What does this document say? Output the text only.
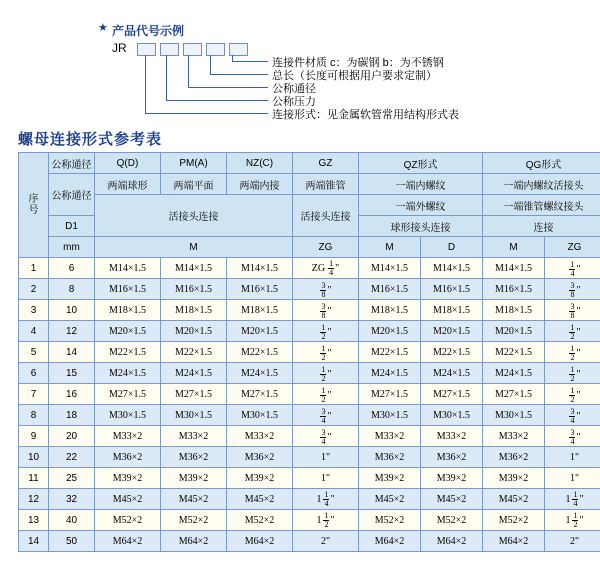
★ 产品代号示例
JR
连接件材质 c：为碳钢 b：为不锈钢
总长（长度可根据用户要求定制）
公称通径
公称压力
连接形式：见金属软管常用结构形式表
螺母连接形式参考表
序
号	公称通径	Q(D)	PM(A)	NZ(C)	GZ	QZ形式		QG形式	
	公称通径	两端球形	两端平面	两端内接	两端锥管	一端内螺纹		一端内螺纹活接头	
		活接头连接			活接头连接	一端外螺纹		一端锥管螺纹接头	
	D1					球形接头连接		连接	
	mm	M			ZG	M	D	M	ZG
1	6	M14×1.5	M14×1.5	M14×1.5	ZG $\frac{1}{4}$ "	M14×1.5	M14×1.5	M14×1.5	$\frac{1}{4}$ "

2	8	M16×1.5	M16×1.5	M16×1.5	$\frac{3}{8}$ "	M16×1.5	M16×1.5	M16×1.5	$\frac{3}{8}$ "

3	10	M18×1.5	M18×1.5	M18×1.5	$\frac{3}{8}$ "	M18×1.5	M18×1.5	M18×1.5	$\frac{3}{8}$ "

4	12	M20×1.5	M20×1.5	M20×1.5	$\frac{1}{2}$ "	M20×1.5	M20×1.5	M20×1.5	$\frac{1}{2}$ "

5	14	M22×1.5	M22×1.5	M22×1.5	$\frac{1}{2}$ "	M22×1.5	M22×1.5	M22×1.5	$\frac{1}{2}$ "

6	15	M24×1.5	M24×1.5	M24×1.5	$\frac{1}{2}$ "	M24×1.5	M24×1.5	M24×1.5	$\frac{1}{2}$ "

7	16	M27×1.5	M27×1.5	M27×1.5	$\frac{1}{2}$ "	M27×1.5	M27×1.5	M27×1.5	$\frac{1}{2}$ "

8	18	M30×1.5	M30×1.5	M30×1.5	$\frac{3}{4}$ "	M30×1.5	M30×1.5	M30×1.5	$\frac{3}{4}$ "

9	20	M33×2	M33×2	M33×2	$\frac{3}{4}$ "	M33×2	M33×2	M33×2	$\frac{3}{4}$ "

10	22	M36×2	M36×2	M36×2	1"	M36×2	M36×2	M36×2	1"
11	25	M39×2	M39×2	M39×2	1"	M39×2	M39×2	M39×2	1"
12	32	M45×2	M45×2	M45×2	$1 \frac{1}{4}$ "	M45×2	M45×2	M45×2	$1 \frac{1}{4}$ "

13	40	M52×2	M52×2	M52×2	$1 \frac{1}{2}$ "	M52×2	M52×2	M52×2	$1 \frac{1}{2}$ "

14	50	M64×2	M64×2	M64×2	2"	M64×2	M64×2	M64×2	2"
